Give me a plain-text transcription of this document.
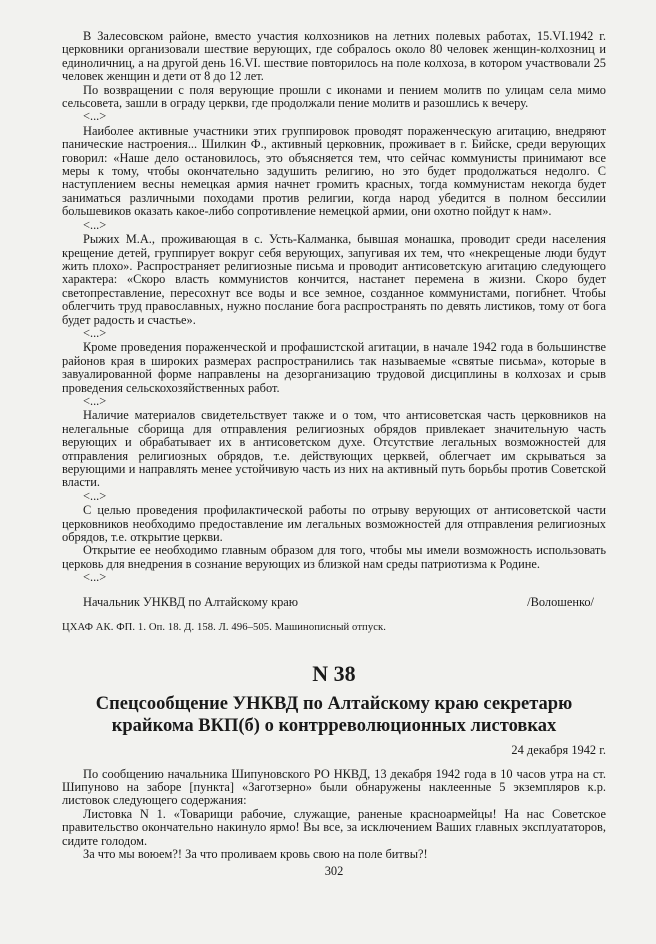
В Залесовском районе, вместо участия колхозников на летних полевых работах, 15.VI.1942 г. церковники организовали шествие верующих, где собралось около 80 человек женщин-колхозниц и единоличниц, а на другой день 16.VI. шествие повторилось на поле колхоза, в котором участвовали 25 человек женщин и дети от 8 до 12 лет.

По возвращении с поля верующие прошли с иконами и пением молитв по улицам села мимо сельсовета, зашли в ограду церкви, где продолжали пение молитв и разошлись к вечеру.

<...>

Наиболее активные участники этих группировок проводят пораженческую агитацию, внедряют панические настроения... Шилкин Ф., активный церковник, проживает в г. Бийске, среди верующих говорил: «Наше дело остановилось, это объясняется тем, что сейчас коммунисты принимают все меры к тому, чтобы окончательно задушить религию, но это будет продолжаться недолго. С наступлением весны немецкая армия начнет громить красных, тогда коммунистам некогда будет заниматься различными походами против религии, когда народ убедится в полном бессилии большевиков оказать какое-либо сопротивление немецкой армии, они охотно пойдут к нам».

<...>

Рыжих М.А., проживающая в с. Усть-Калманка, бывшая монашка, проводит среди населения крещение детей, группирует вокруг себя верующих, запугивая их тем, что «некрещеные люди будут жить плохо». Распространяет религиозные письма и проводит антисоветскую агитацию следующего характера: «Скоро власть коммунистов кончится, настанет перемена в жизни. Скоро будет светопреставление, пересохнут все воды и все земное, созданное коммунистами, погибнет. Чтобы облегчить труд православных, нужно послание бога распространять по девять листиков, тому от бога будет радость и счастье».

<...>

Кроме проведения пораженческой и профашистской агитации, в начале 1942 года в большинстве районов края в широких размерах распространились так называемые «святые письма», которые в завуалированной форме направлены на дезорганизацию трудовой дисциплины в колхозах и срыв проведения сельскохозяйственных работ.

<...>

Наличие материалов свидетельствует также и о том, что антисоветская часть церковников на нелегальные сборища для отправления религиозных обрядов привлекает значительную часть верующих и обрабатывает их в антисоветском духе. Отсутствие легальных возможностей для отправления религиозных обрядов, т.е. действующих церквей, облегчает им скрываться за верующими и направлять менее устойчивую часть из них на активный путь борьбы против Советской власти.

<...>

С целью проведения профилактической работы по отрыву верующих от антисоветской части церковников необходимо предоставление им легальных возможностей для отправления религиозных обрядов, т.е. открытие церкви.

Открытие ее необходимо главным образом для того, чтобы мы имели возможность использовать церковь для внедрения в сознание верующих из близкой нам среды патриотизма к Родине.

<...>

Начальник УНКВД по Алтайскому краю	/Волошенко/
ЦХАФ АК. ФП. 1. Оп. 18. Д. 158. Л. 496–505. Машинописный отпуск.
N 38
Спецсообщение УНКВД по Алтайскому краю секретарю крайкома ВКП(б) о контрреволюционных листовках
24 декабря 1942 г.

По сообщению начальника Шипуновского РО НКВД, 13 декабря 1942 года в 10 часов утра на ст. Шипуново на заборе [пункта] «Заготзерно» были обнаружены наклеенные 5 экземпляров к.р. листовок следующего содержания:

Листовка N 1. «Товарищи рабочие, служащие, раненые красноармейцы! На нас Советское правительство окончательно накинуло ярмо! Вы все, за исключением Ваших главных эксплуататоров, сидите голодом.

За что мы воюем?! За что проливаем кровь свою на поле битвы?!

302
